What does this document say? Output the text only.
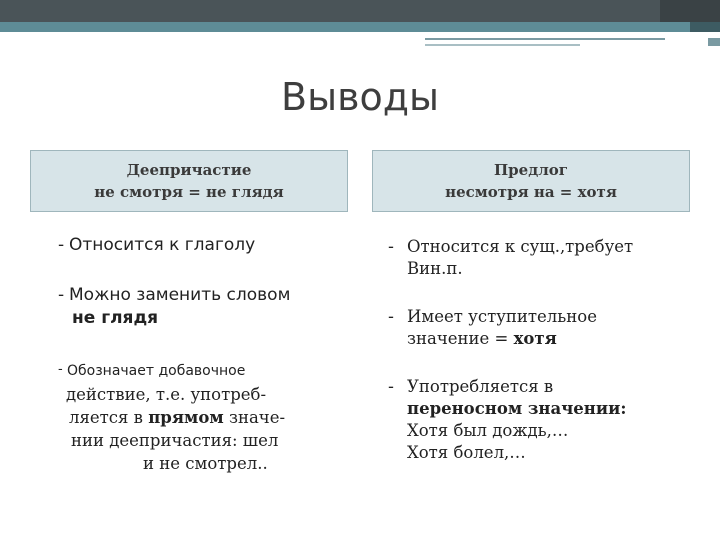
Выводы
Деепричастие
не смотря = не глядя
- Относится к глаголу
- Можно заменить словом
не глядя
- Обозначает добавочное
действие, т.е. употреб-
ляется в прямом значе-
нии деепричастия: шел
и не смотрел..
Предлог
несмотря на = хотя
- Относится к сущ.,требует
Вин.п.
- Имеет уступительное
значение = хотя
- Употребляется в
переносном значении:
Хотя был дождь,…
Хотя болел,…
